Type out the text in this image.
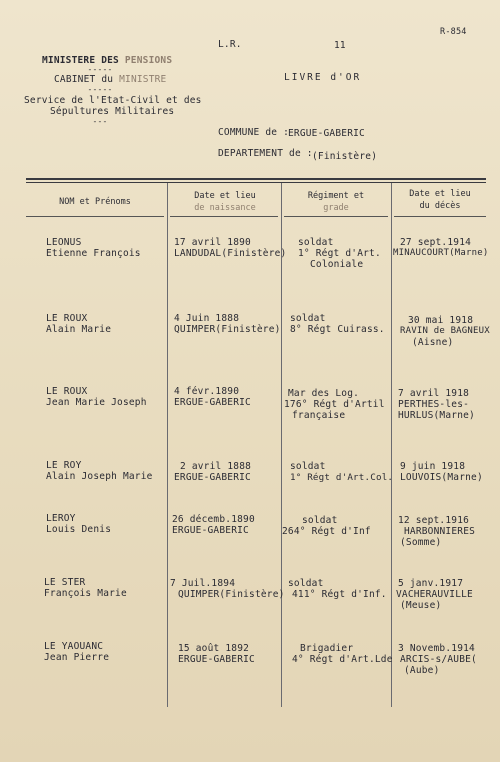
R-854
L.R.	11
MINISTERE DES PENSIONS
-----
CABINET du MINISTRE
-----
Service de l'Etat-Civil et des
Sépultures Militaires
---
LIVRE d'OR
COMMUNE de :
ERGUE-GABERIC
DEPARTEMENT de : (Finistère)
NOM et Prénoms
Date et lieu
de naissance
Régiment et
grade
Date et lieu
du décès
LEONUS
Etienne François
17 avril 1890
LANDUDAL(Finistère)
soldat
1° Régt d'Art.
Coloniale
27 sept.1914
MINAUCOURT(Marne)
LE ROUX
Alain Marie
4 Juin 1888
QUIMPER(Finistère)
soldat
8° Régt Cuirass.
30 mai 1918
RAVIN de BAGNEUX
(Aisne)
LE ROUX
Jean Marie Joseph
4 févr.1890
ERGUE-GABERIC
Mar des Log.
176° Régt d'Artil
française
7 avril 1918
PERTHES-les-
HURLUS(Marne)
LE ROY
Alain Joseph Marie
2 avril 1888
ERGUE-GABERIC
soldat
1° Régt d'Art.Col.
9 juin 1918
LOUVOIS(Marne)
LEROY
Louis Denis
26 décemb.1890
ERGUE-GABERIC
soldat
264° Régt d'Inf
12 sept.1916
HARBONNIERES
(Somme)
LE STER
François Marie
7 Juil.1894
QUIMPER(Finistère)
soldat
411° Régt d'Inf.
5 janv.1917
VACHERAUVILLE
(Meuse)
LE YAOUANC
Jean Pierre
15 août 1892
ERGUE-GABERIC
Brigadier
4° Régt d'Art.Lde
3 Novemb.1914
ARCIS-s/AUBE(
(Aube)
